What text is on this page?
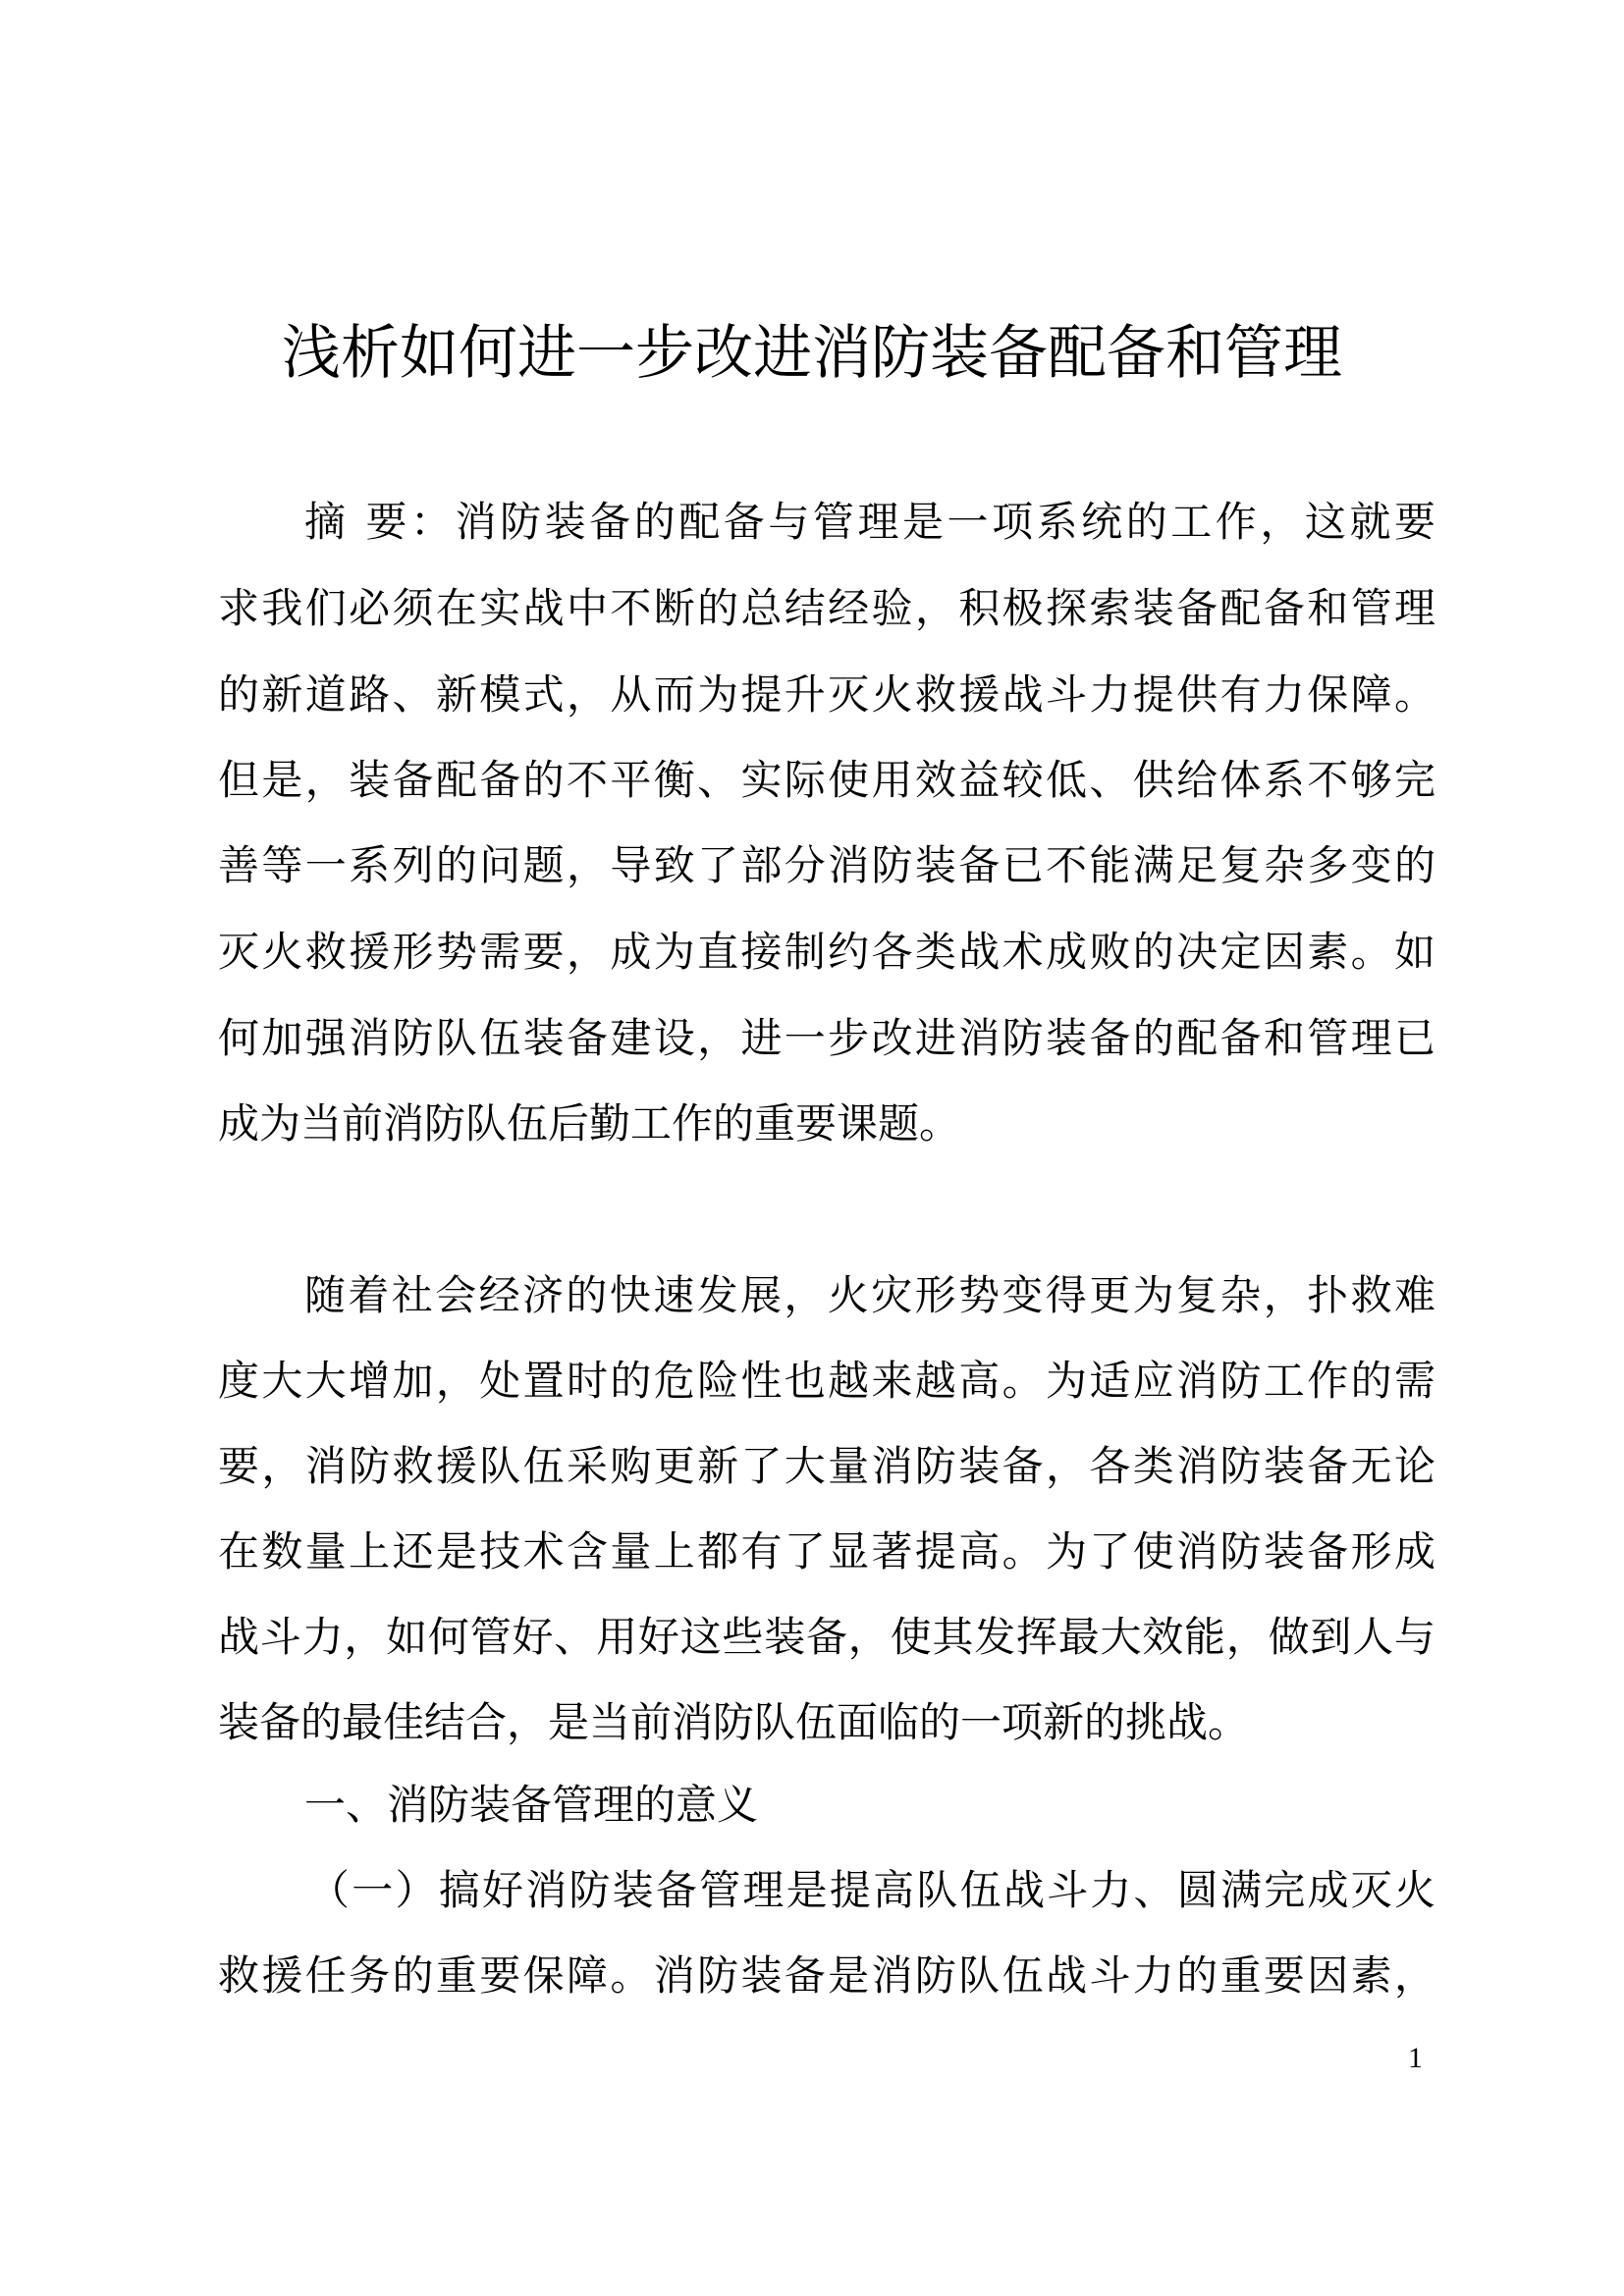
浅析如何进一步改进消防装备配备和管理
摘 要：消防装备的配备与管理是一项系统的工作，这就要
求我们必须在实战中不断的总结经验，积极探索装备配备和管理
的新道路、新模式，从而为提升灭火救援战斗力提供有力保障。
但是，装备配备的不平衡、实际使用效益较低、供给体系不够完
善等一系列的问题，导致了部分消防装备已不能满足复杂多变的
灭火救援形势需要，成为直接制约各类战术成败的决定因素。如
何加强消防队伍装备建设，进一步改进消防装备的配备和管理已
成为当前消防队伍后勤工作的重要课题。
随着社会经济的快速发展，火灾形势变得更为复杂，扑救难
度大大增加，处置时的危险性也越来越高。为适应消防工作的需
要，消防救援队伍采购更新了大量消防装备，各类消防装备无论
在数量上还是技术含量上都有了显著提高。为了使消防装备形成
战斗力，如何管好、用好这些装备，使其发挥最大效能，做到人与
装备的最佳结合，是当前消防队伍面临的一项新的挑战。
一、消防装备管理的意义
（一）搞好消防装备管理是提高队伍战斗力、圆满完成灭火
救援任务的重要保障。消防装备是消防队伍战斗力的重要因素，
1
